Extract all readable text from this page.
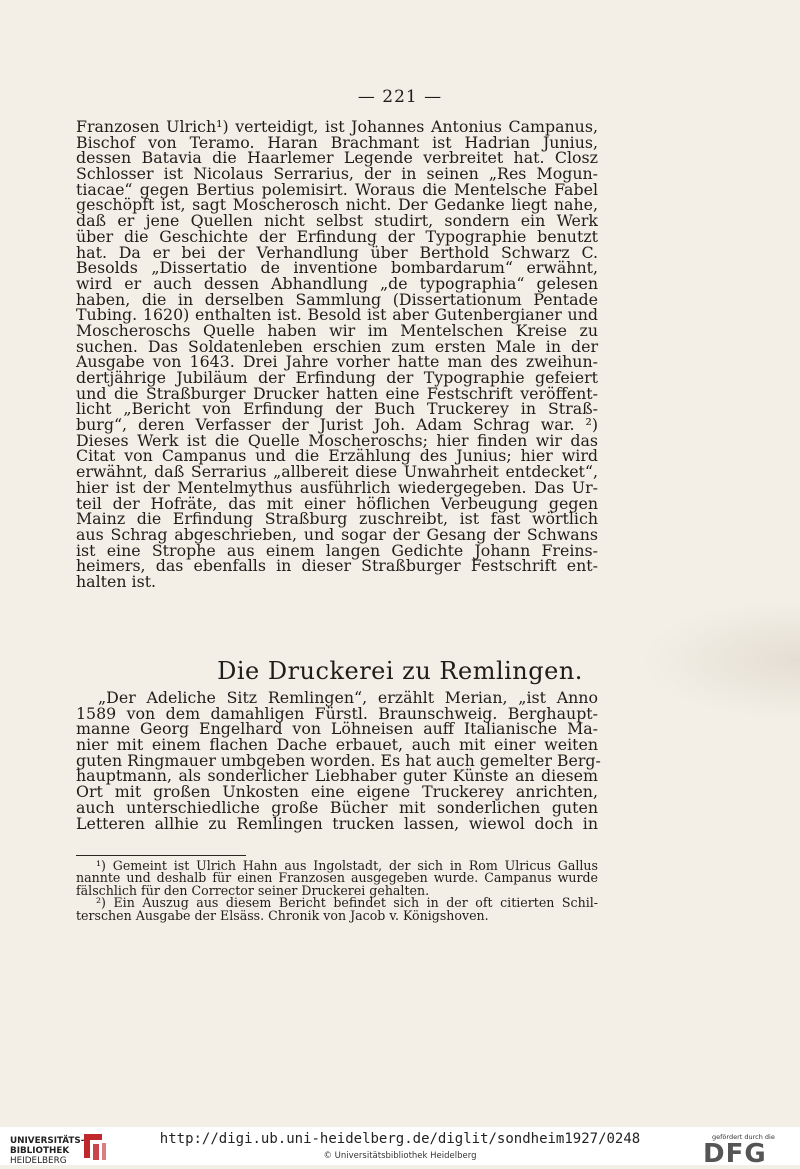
— 221 —
Franzosen Ulrich¹) verteidigt, ist Johannes Antonius Campanus,
Bischof von Teramo. Haran Brachmant ist Hadrian Junius,
dessen Batavia die Haarlemer Legende verbreitet hat. Closz
Schlosser ist Nicolaus Serrarius, der in seinen „Res Mogun-
tiacae“ gegen Bertius polemisirt. Woraus die Mentelsche Fabel
geschöpft ist, sagt Moscherosch nicht. Der Gedanke liegt nahe,
daß er jene Quellen nicht selbst studirt, sondern ein Werk
über die Geschichte der Erfindung der Typographie benutzt
hat. Da er bei der Verhandlung über Berthold Schwarz C.
Besolds „Dissertatio de inventione bombardarum“ erwähnt,
wird er auch dessen Abhandlung „de typographia“ gelesen
haben, die in derselben Sammlung (Dissertationum Pentade
Tubing. 1620) enthalten ist. Besold ist aber Gutenbergianer und
Moscheroschs Quelle haben wir im Mentelschen Kreise zu
suchen. Das Soldatenleben erschien zum ersten Male in der
Ausgabe von 1643. Drei Jahre vorher hatte man des zweihun-
dertjährige Jubiläum der Erfindung der Typographie gefeiert
und die Straßburger Drucker hatten eine Festschrift veröffent-
licht „Bericht von Erfindung der Buch Truckerey in Straß-
burg“, deren Verfasser der Jurist Joh. Adam Schrag war. ²)
Dieses Werk ist die Quelle Moscheroschs; hier finden wir das
Citat von Campanus und die Erzählung des Junius; hier wird
erwähnt, daß Serrarius „allbereit diese Unwahrheit entdecket“,
hier ist der Mentelmythus ausführlich wiedergegeben. Das Ur-
teil der Hofräte, das mit einer höflichen Verbeugung gegen
Mainz die Erfindung Straßburg zuschreibt, ist fast wörtlich
aus Schrag abgeschrieben, und sogar der Gesang der Schwans
ist eine Strophe aus einem langen Gedichte Johann Freins-
heimers, das ebenfalls in dieser Straßburger Festschrift ent-
halten ist.
Die Druckerei zu Remlingen.
„Der Adeliche Sitz Remlingen“, erzählt Merian, „ist Anno
1589 von dem damahligen Fürstl. Braunschweig. Berghaupt-
manne Georg Engelhard von Löhneisen auff Italianische Ma-
nier mit einem flachen Dache erbauet, auch mit einer weiten
guten Ringmauer umbgeben worden. Es hat auch gemelter Berg-
hauptmann, als sonderlicher Liebhaber guter Künste an diesem
Ort mit großen Unkosten eine eigene Truckerey anrichten,
auch unterschiedliche große Bücher mit sonderlichen guten
Letteren allhie zu Remlingen trucken lassen, wiewol doch in
¹) Gemeint ist Ulrich Hahn aus Ingolstadt, der sich in Rom Ulricus Gallus
nannte und deshalb für einen Franzosen ausgegeben wurde. Campanus wurde
fälschlich für den Corrector seiner Druckerei gehalten.
²) Ein Auszug aus diesem Bericht befindet sich in der oft citierten Schil-
terschen Ausgabe der Elsäss. Chronik von Jacob v. Königshoven.
UNIVERSITÄTS-
BIBLIOTHEK
HEIDELBERG
http://digi.ub.uni-heidelberg.de/diglit/sondheim1927/0248
© Universitätsbibliothek Heidelberg
gefördert durch die
DFG
